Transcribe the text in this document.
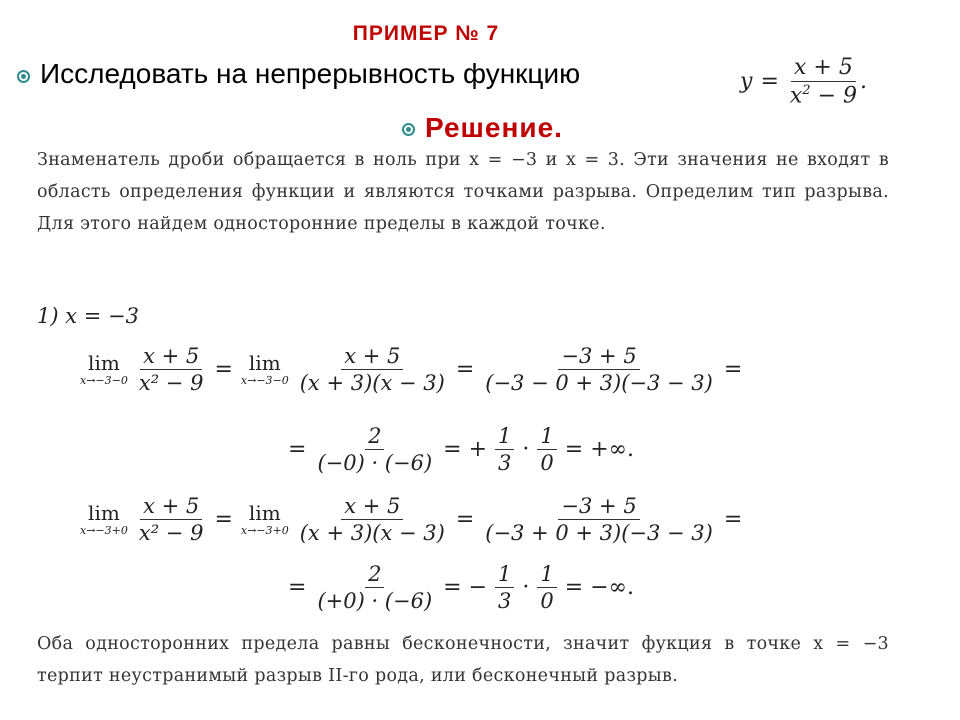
ПРИМЕР № 7
Исследовать на непрерывность функцию	$y = \frac{x + 5}{x^2 - 9}$ .
Решение.
Знаменатель дроби обращается в ноль при x = −3 и x = 3. Эти значения не входят в область определения функции и являются точками разрыва. Определим тип разрыва. Для этого найдем односторонние пределы в каждой точке.
1) x = −3
lim
$x\to-3-0 \frac{x + 5}{\text{x² − 9}} = \lim$
$x\to-3-0 \frac{x + 5}{(x + 3)(x - 3)} = \frac{-3 + 5}{(-3 - 0 + 3)(-3 - 3)}$ =
= $\frac{2}{(-0) \cdot (-6)}$ = + $\frac{1}{3} \cdot \frac{1}{0}$ = +∞.
lim
$x\to-3+0 \frac{x + 5}{\text{x² − 9}} = \lim$
$x\to-3+0 \frac{x + 5}{(x + 3)(x - 3)} = \frac{-3 + 5}{(-3 + 0 + 3)(-3 - 3)}$ =
= $\frac{2}{(+0) \cdot (-6)}$ = − $\frac{1}{3} \cdot \frac{1}{0}$ = −∞.
Оба односторонних предела равны бесконечности, значит фукция в точке x = −3 терпит неустранимый разрыв II-го рода, или бесконечный разрыв.
